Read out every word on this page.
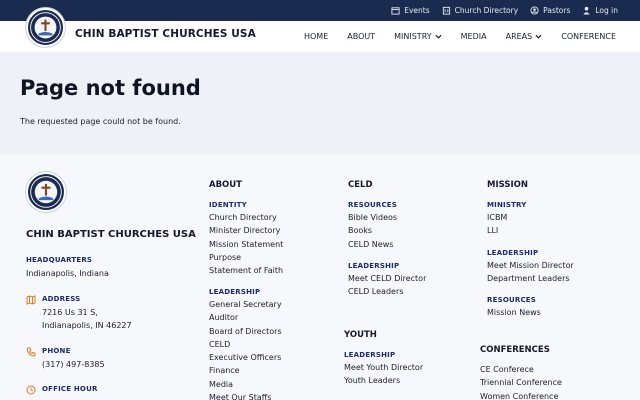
Events	Church Directory	Pastors	Log in
CHIN BAPTIST CHURCHES USA	HOME ABOUT MINISTRY	MEDIA AREAS	CONFERENCE
Page not found

The requested page could not be found.

CHIN BAPTIST CHURCHES USA
HEADQUARTERS
Indianapolis, Indiana
ADDRESS
7216 Us 31 S,
Indianapolis, IN 46227
PHONE
(317) 497-8385
OFFICE HOUR
ABOUT
IDENTITY
Church Directory
Minister Directory
Mission Statement
Purpose
Statement of Faith
LEADERSHIP
General Secretary
Auditor
Board of Directors
CELD
Executive Officers
Finance
Media
Meet Our Staffs
CELD
RESOURCES
Bible Videos
Books
CELD News
LEADERSHIP
Meet CELD Director
CELD Leaders
YOUTH
LEADERSHIP
Meet Youth Director
Youth Leaders
MISSION
MINISTRY
ICBM
LLI
LEADERSHIP
Meet Mission Director
Department Leaders
RESOURCES
Mission News
CONFERENCES
CE Conferece
Triennial Conference
Women Conference
